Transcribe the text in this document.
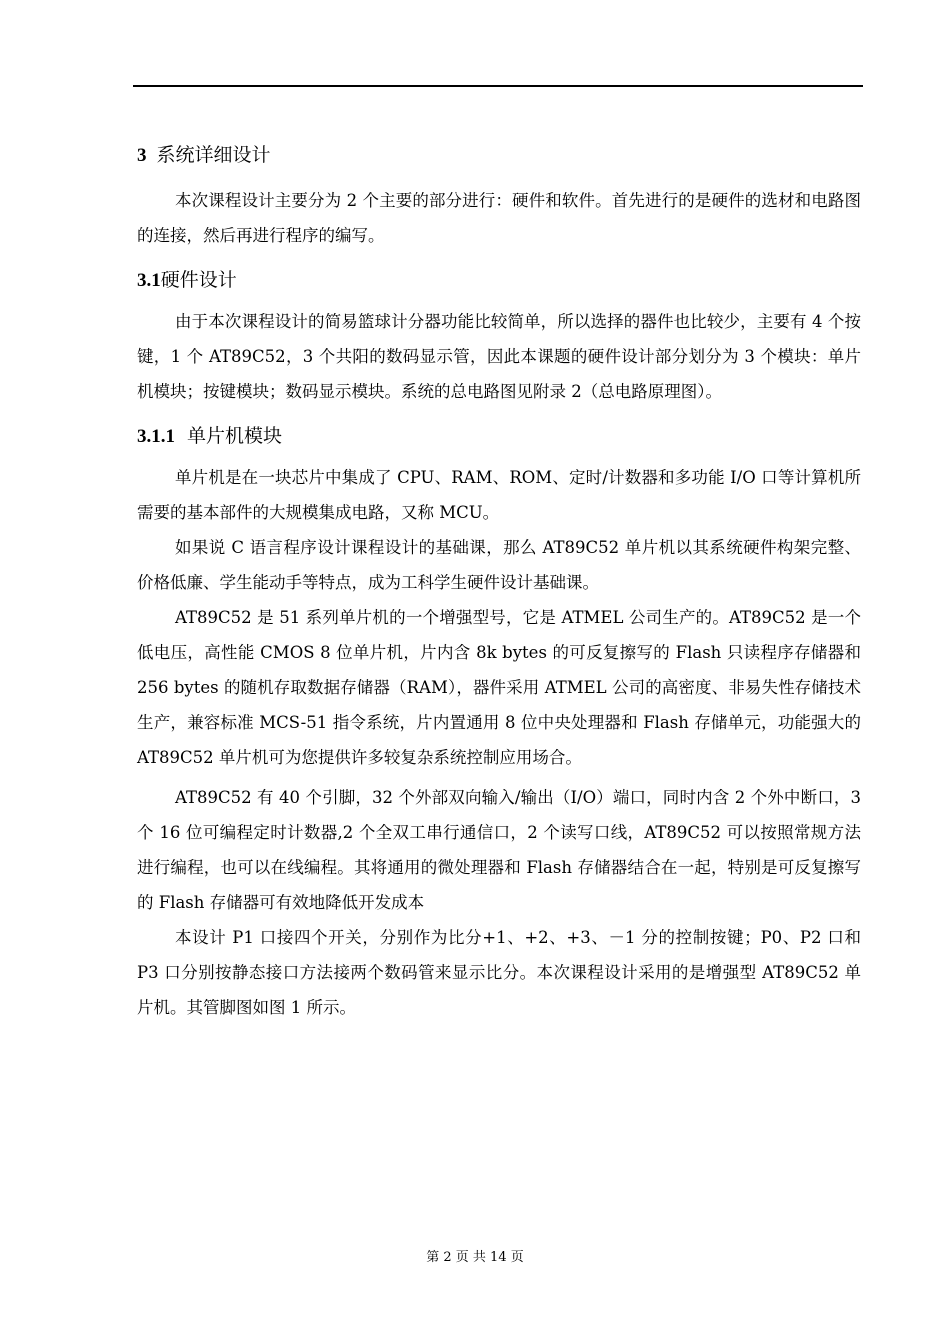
3 系统详细设计

本次课程设计主要分为 2 个主要的部分进行：硬件和软件。首先进行的是硬件的选材和电路图的连接，然后再进行程序的编写。

3.1硬件设计

由于本次课程设计的简易篮球计分器功能比较简单，所以选择的器件也比较少，主要有 4 个按键，1 个 AT89C52，3 个共阳的数码显示管，因此本课题的硬件设计部分划分为 3 个模块：单片机模块；按键模块；数码显示模块。系统的总电路图见附录 2（总电路原理图）。

3.1.1 单片机模块

单片机是在一块芯片中集成了 CPU、RAM、ROM、定时/计数器和多功能 I/O 口等计算机所需要的基本部件的大规模集成电路，又称 MCU。

如果说 C 语言程序设计课程设计的基础课，那么 AT89C52 单片机以其系统硬件构架完整、价格低廉、学生能动手等特点，成为工科学生硬件设计基础课。

AT89C52 是 51 系列单片机的一个增强型号，它是 ATMEL 公司生产的。AT89C52 是一个低电压，高性能 CMOS 8 位单片机，片内含 8k bytes 的可反复擦写的 Flash 只读程序存储器和 256 bytes 的随机存取数据存储器（RAM），器件采用 ATMEL 公司的高密度、非易失性存储技术生产，兼容标准 MCS-51 指令系统，片内置通用 8 位中央处理器和 Flash 存储单元，功能强大的 AT89C52 单片机可为您提供许多较复杂系统控制应用场合。

AT89C52 有 40 个引脚，32 个外部双向输入/输出（I/O）端口，同时内含 2 个外中断口，3 个 16 位可编程定时计数器,2 个全双工串行通信口，2 个读写口线，AT89C52 可以按照常规方法进行编程，也可以在线编程。其将通用的微处理器和 Flash 存储器结合在一起，特别是可反复擦写的 Flash 存储器可有效地降低开发成本

本设计 P1 口接四个开关，分别作为比分+1、+2、+3、－1 分的控制按键；P0、P2 口和 P3 口分别按静态接口方法接两个数码管来显示比分。本次课程设计采用的是增强型 AT89C52 单片机。其管脚图如图 1 所示。

第 2 页 共 14 页
